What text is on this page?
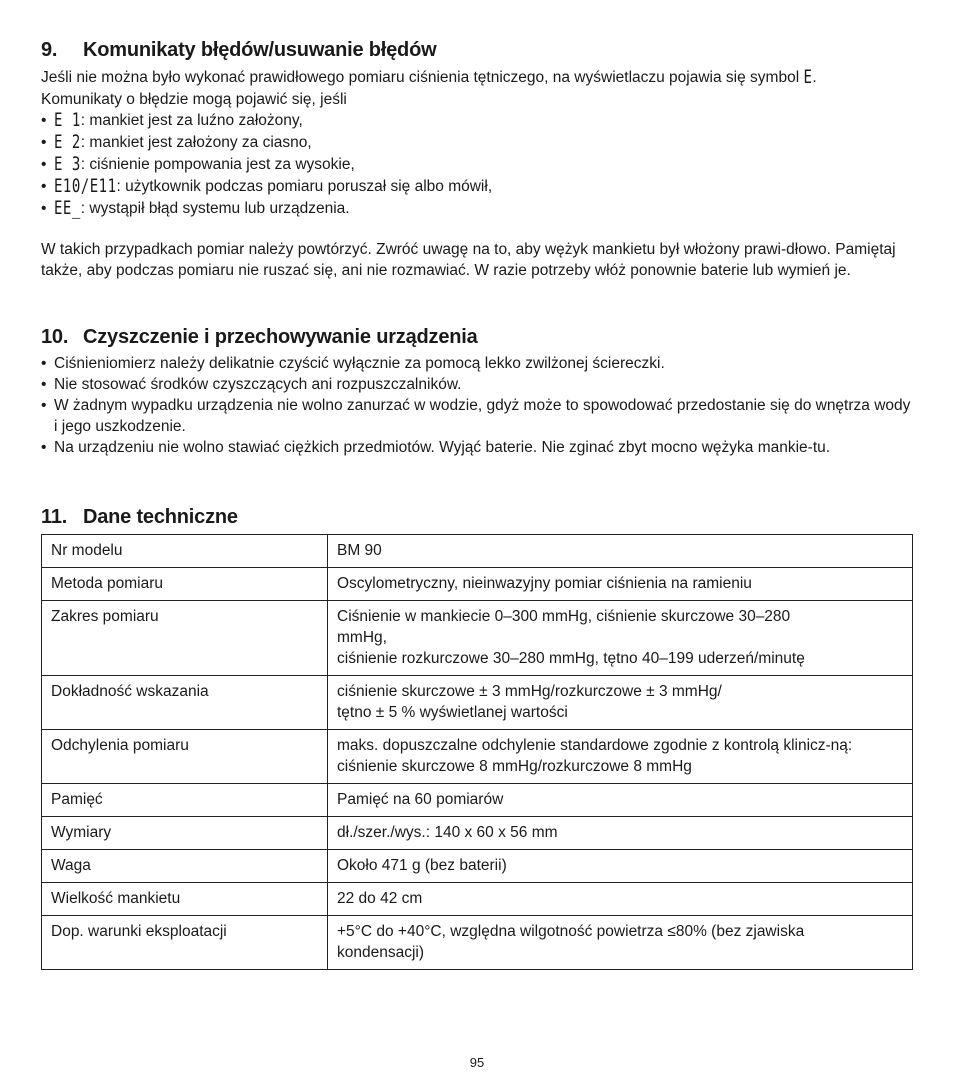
9. Komunikaty błędów/usuwanie błędów

Jeśli nie można było wykonać prawidłowego pomiaru ciśnienia tętniczego, na wyświetlaczu pojawia się symbol E.

Komunikaty o błędzie mogą pojawić się, jeśli

• E 1: mankiet jest za luźno założony,
• E 2: mankiet jest założony za ciasno,
• E 3: ciśnienie pompowania jest za wysokie,
• E10/E11: użytkownik podczas pomiaru poruszał się albo mówił,
• EE_: wystąpił błąd systemu lub urządzenia.

W takich przypadkach pomiar należy powtórzyć. Zwróć uwagę na to, aby wężyk mankietu był włożony prawi-dłowo. Pamiętaj także, aby podczas pomiaru nie ruszać się, ani nie rozmawiać. W razie potrzeby włóż ponownie baterie lub wymień je.

10. Czyszczenie i przechowywanie urządzenia
• Ciśnieniomierz należy delikatnie czyścić wyłącznie za pomocą lekko zwilżonej ściereczki.
• Nie stosować środków czyszczących ani rozpuszczalników.
• W żadnym wypadku urządzenia nie wolno zanurzać w wodzie, gdyż może to spowodować przedostanie się do wnętrza wody i jego uszkodzenie.
• Na urządzeniu nie wolno stawiać ciężkich przedmiotów. Wyjąć baterie. Nie zginać zbyt mocno wężyka mankie-tu.
11. Dane techniczne
Nr modelu	BM 90
Metoda pomiaru	Oscylometryczny, nieinwazyjny pomiar ciśnienia na ramieniu
Zakres pomiaru	Ciśnienie w mankiecie 0–300 mmHg, ciśnienie skurczowe 30–280 mmHg,
ciśnienie rozkurczowe 30–280 mmHg, tętno 40–199 uderzeń/minutę

Dokładność wskazania	ciśnienie skurczowe ± 3 mmHg/rozkurczowe ± 3 mmHg/
tętno ± 5 % wyświetlanej wartości

Odchylenia pomiaru	maks. dopuszczalne odchylenie standardowe zgodnie z kontrolą klinicz-ną:
ciśnienie skurczowe 8 mmHg/rozkurczowe 8 mmHg

Pamięć	Pamięć na 60 pomiarów
Wymiary	dł./szer./wys.: 140 x 60 x 56 mm
Waga	Około 471 g (bez baterii)
Wielkość mankietu	22 do 42 cm
Dop. warunki eksploatacji	+5°C do +40°C, względna wilgotność powietrza ≤80% (bez zjawiska kondensacji)
95
